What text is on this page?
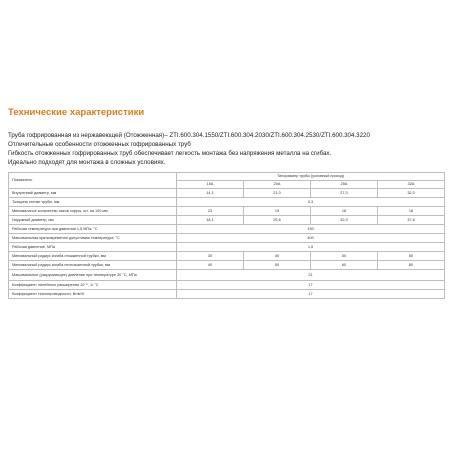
Технические характеристики
Труба гофрированная из нержавеющей (Отожженная)– ZTI.600.304.1550/ZTI.600.304.2030/ZTI.600.304.2530/ZTI.600.304.3220
Отличительные особенности отожженных гофрированных труб
Гибкость отожженных гофрированных труб обеспечивает легкость монтажа без напряжения металла на сгибах.
Идеально подходят для монтажа в сложных условиях.
Показатель	Типоразмер трубы (условный проход)			
	15А	20А	25А	32А
Внутренний диаметр, мм	14,1	21,0	27,0	32,0
Толщина стенки трубы, мм	0,3			
Минимальное количество пиков гофры, шт. на 100 мм	23	19	18	18
Наружный диаметр, мм	18,1	25,6	32,0	37,6
Рабочая температура при давлении 1,5 МПа, °С	150			
Максимальная кратковременно допустимая температура, °С	400			
Рабочая давление, МПа	1,5			
Минимальный радиус изгиба отожженной трубки, мм	30	40	50	80
Минимальный радиус изгиба неотожженной трубки, мм	40	50	60	80
Максимальное (разрушающее) давление при температуре 20 °С, МПа	21			
Коэффициент линейного расширения 10⁻⁶, 1/ °С	17			
Коэффициент теплопроводности, Вт/м*К	17			
